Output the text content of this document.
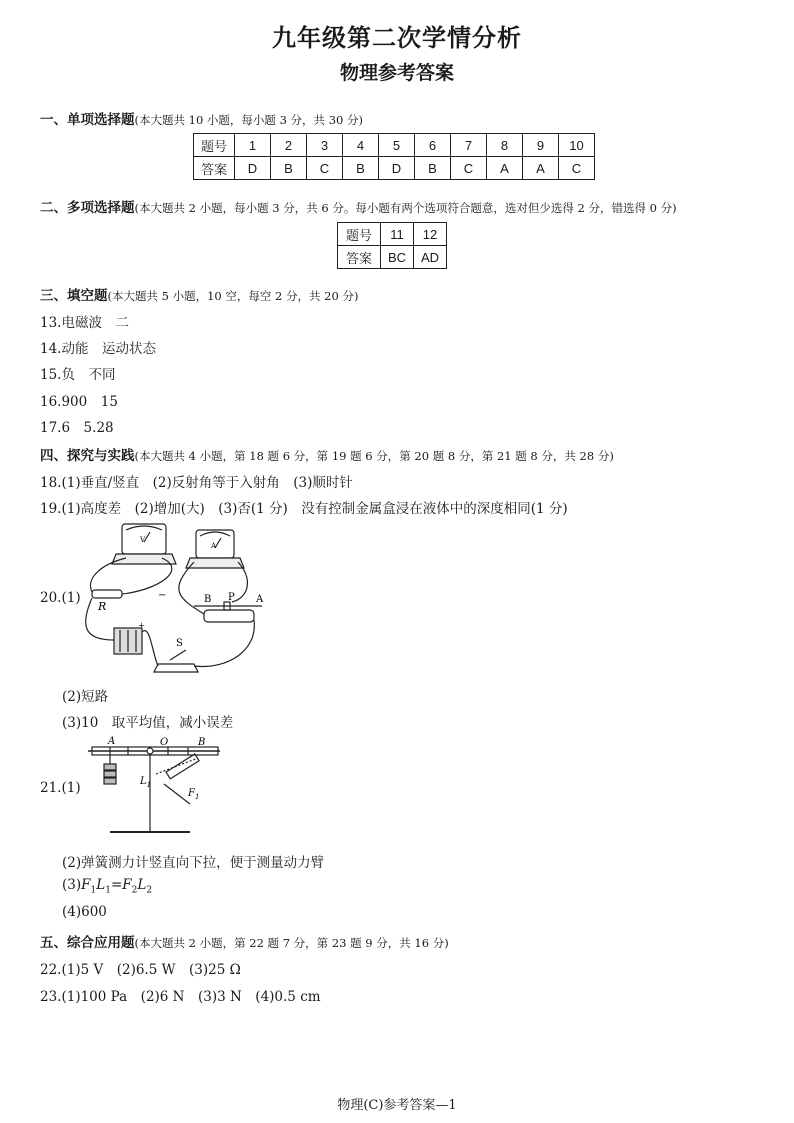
九年级第二次学情分析
物理参考答案
一、单项选择题(本大题共 10 小题，每小题 3 分，共 30 分)
题号	1	2	3	4	5	6	7	8	9	10
答案	D	B	C	B	D	B	C	A	A	C
二、多项选择题(本大题共 2 小题，每小题 3 分，共 6 分。每小题有两个选项符合题意，选对但少选得 2 分，错选得 0 分)
题号	11	12
答案	BC	AD
三、填空题(本大题共 5 小题，10 空，每空 2 分，共 20 分)
13.电磁波　二
14.动能　运动状态
15.负　不同
16.900　15
17.6　5.28
四、探究与实践(本大题共 4 小题，第 18 题 6 分，第 19 题 6 分，第 20 题 8 分，第 21 题 8 分，共 28 分)
18.(1)垂直/竖直　(2)反射角等于入射角　(3)顺时针
19.(1)高度差　(2)增加(大)　(3)否(1 分)　没有控制金属盒浸在液体中的深度相同(1 分)
20.(1)
R
B P A
S
V
A
+
−
(2)短路
(3)10　取平均值，减小误差
21.(1)
A	O	B
$L_1$
$F_1$
(2)弹簧测力计竖直向下拉，便于测量动力臂
$(3)F_1L_1=F_2L_2$
(4)600
五、综合应用题(本大题共 2 小题，第 22 题 7 分，第 23 题 9 分，共 16 分)
22.(1)5 V　(2)6.5 W　(3)25 Ω
23.(1)100 Pa　(2)6 N　(3)3 N　(4)0.5 cm
物理(C)参考答案—1
